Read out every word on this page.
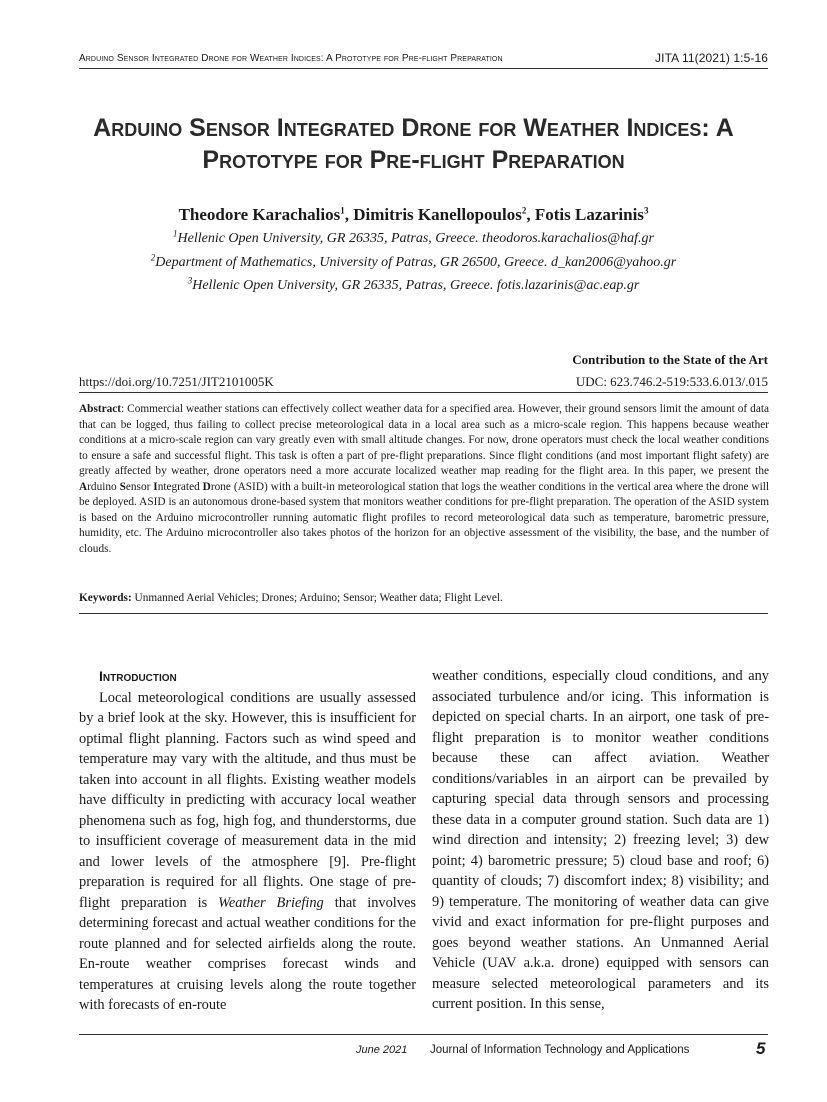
Arduino Sensor Integrated Drone for Weather Indices: A Prototype for Pre-flight Preparation	JITA 11(2021) 1:5-16
Arduino Sensor Integrated Drone for Weather Indices: A
Prototype for Pre-flight Preparation
Theodore Karachalios$^1$, Dimitris Kanellopoulos$^2$, Fotis Lazarinis$^3$
$^1$Hellenic Open University, GR 26335, Patras, Greece. theodoros.karachalios@haf.gr
$^2$Department of Mathematics, University of Patras, GR 26500, Greece. d_kan2006@yahoo.gr
$^3$Hellenic Open University, GR 26335, Patras, Greece. fotis.lazarinis@ac.eap.gr
Contribution to the State of the Art
https://doi.org/10.7251/JIT2101005K	UDC: 623.746.2-519:533.6.013/.015
Abstract: Commercial weather stations can effectively collect weather data for a specified area. However, their ground sensors limit the amount of data that can be logged, thus failing to collect precise meteorological data in a local area such as a micro-scale region. This happens because weather conditions at a micro-scale region can vary greatly even with small altitude changes. For now, drone operators must check the local weather conditions to ensure a safe and successful flight. This task is often a part of pre-flight preparations. Since flight conditions (and most important flight safety) are greatly affected by weather, drone operators need a more accurate localized weather map reading for the flight area. In this paper, we present the Arduino Sensor Integrated Drone (ASID) with a built-in meteorological station that logs the weather conditions in the vertical area where the drone will be deployed. ASID is an autonomous drone-based system that monitors weather conditions for pre-flight preparation. The operation of the ASID system is based on the Arduino microcontroller running automatic flight profiles to record meteorological data such as temperature, barometric pressure, humidity, etc. The Arduino microcontroller also takes photos of the horizon for an objective assessment of the visibility, the base, and the number of clouds.
Keywords: Unmanned Aerial Vehicles; Drones; Arduino; Sensor; Weather data; Flight Level.
Introduction

Local meteorological conditions are usually assessed by a brief look at the sky. However, this is insufficient for optimal flight planning. Factors such as wind speed and temperature may vary with the altitude, and thus must be taken into account in all flights. Existing weather models have difficulty in predicting with accuracy local weather phenomena such as fog, high fog, and thunderstorms, due to insufficient coverage of measurement data in the mid and lower levels of the atmosphere [9]. Pre-flight preparation is required for all flights. One stage of pre-flight preparation is Weather Briefing that involves determining forecast and actual weather conditions for the route planned and for selected airfields along the route. En-route weather comprises forecast winds and temperatures at cruising levels along the route together with forecasts of en-route

weather conditions, especially cloud conditions, and any associated turbulence and/or icing. This information is depicted on special charts. In an airport, one task of pre-flight preparation is to monitor weather conditions because these can affect aviation. Weather conditions/variables in an airport can be prevailed by capturing special data through sensors and processing these data in a computer ground station. Such data are 1) wind direction and intensity; 2) freezing level; 3) dew point; 4) barometric pressure; 5) cloud base and roof; 6) quantity of clouds; 7) discomfort index; 8) visibility; and 9) temperature. The monitoring of weather data can give vivid and exact information for pre-flight purposes and goes beyond weather stations. An Unmanned Aerial Vehicle (UAV a.k.a. drone) equipped with sensors can measure selected meteorological parameters and its current position. In this sense,

June 2021 Journal of Information Technology and Applications	5
